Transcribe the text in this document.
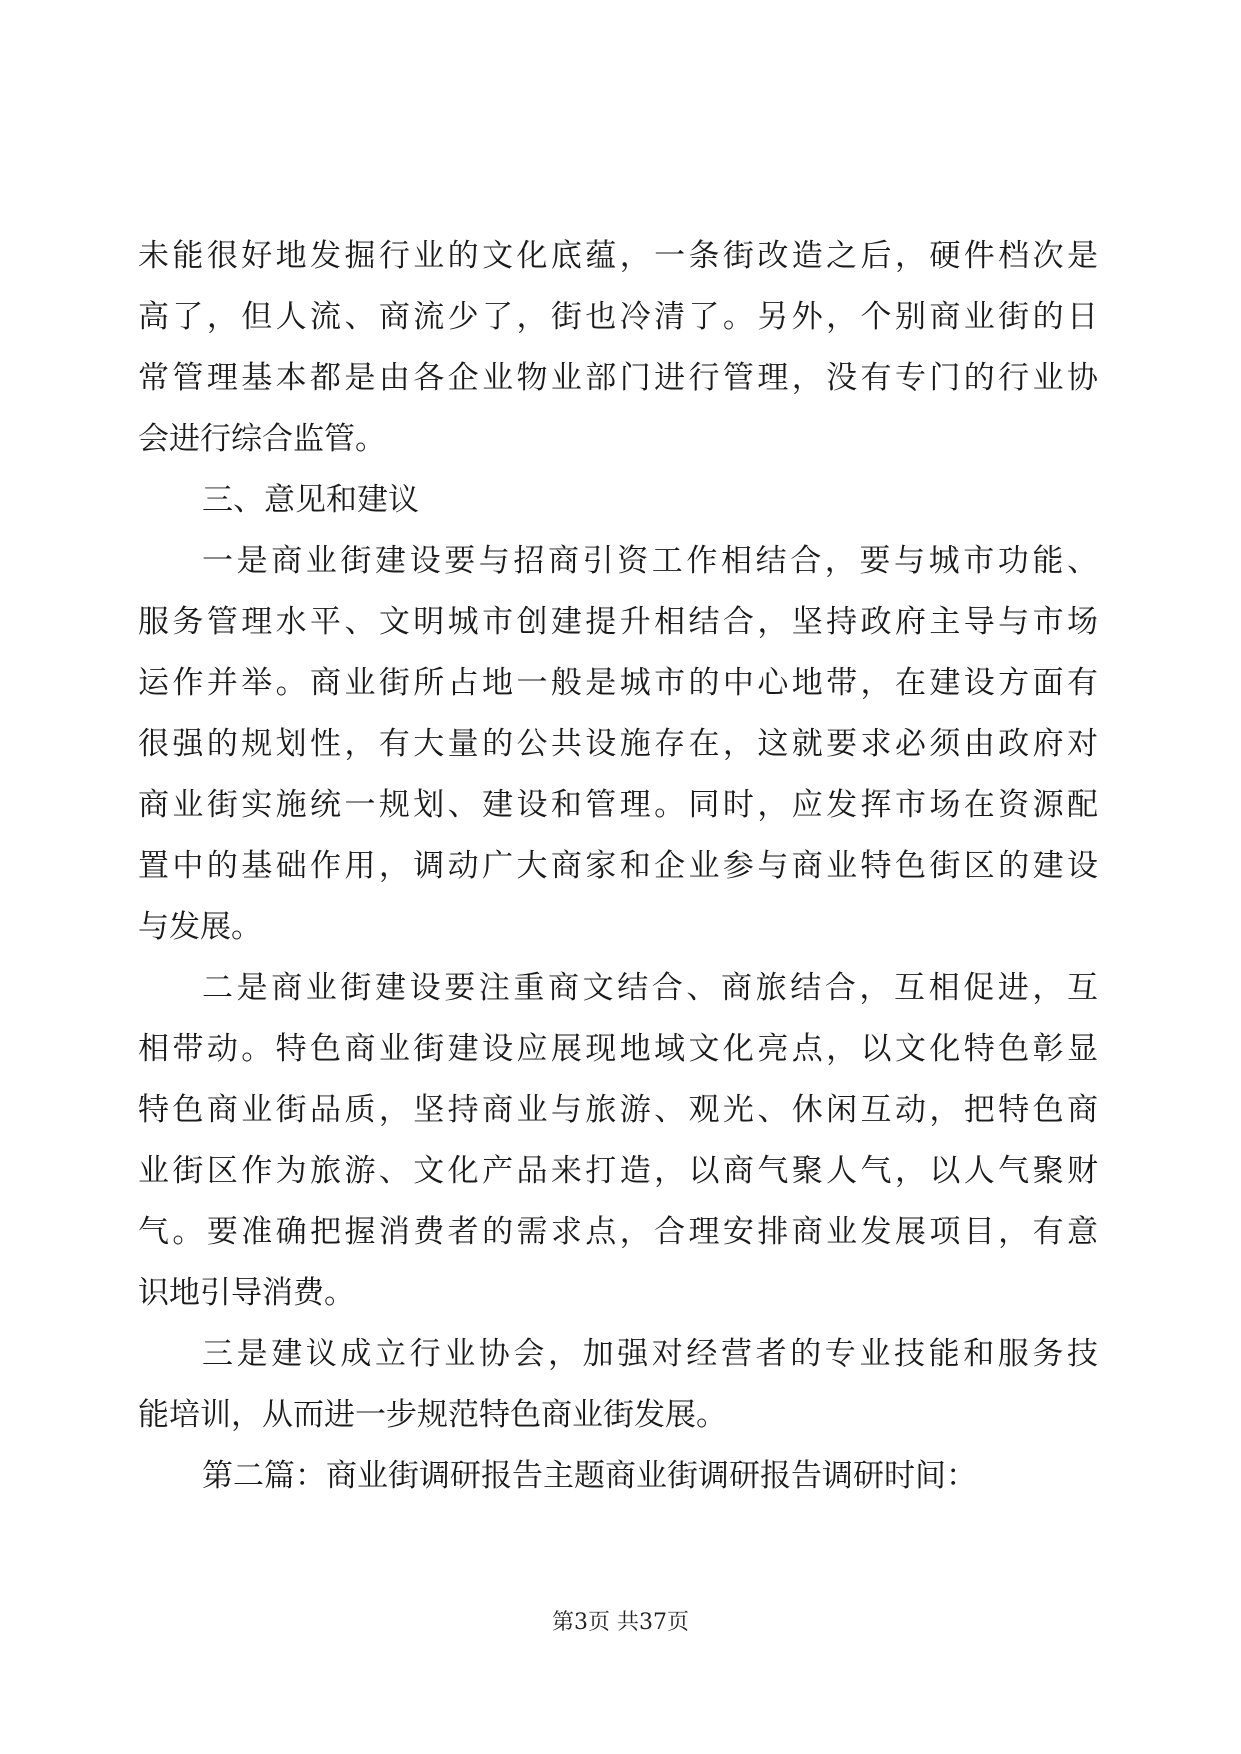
未能很好地发掘行业的文化底蕴，一条街改造之后，硬件档次是
高了，但人流、商流少了，街也冷清了。另外，个别商业街的日
常管理基本都是由各企业物业部门进行管理，没有专门的行业协
会进行综合监管。
三、意见和建议
一是商业街建设要与招商引资工作相结合，要与城市功能、
服务管理水平、文明城市创建提升相结合，坚持政府主导与市场
运作并举。商业街所占地一般是城市的中心地带，在建设方面有
很强的规划性，有大量的公共设施存在，这就要求必须由政府对
商业街实施统一规划、建设和管理。同时，应发挥市场在资源配
置中的基础作用，调动广大商家和企业参与商业特色街区的建设
与发展。
二是商业街建设要注重商文结合、商旅结合，互相促进，互
相带动。特色商业街建设应展现地域文化亮点，以文化特色彰显
特色商业街品质，坚持商业与旅游、观光、休闲互动，把特色商
业街区作为旅游、文化产品来打造，以商气聚人气，以人气聚财
气。要准确把握消费者的需求点，合理安排商业发展项目，有意
识地引导消费。
三是建议成立行业协会，加强对经营者的专业技能和服务技
能培训，从而进一步规范特色商业街发展。
第二篇：商业街调研报告主题商业街调研报告调研时间：
第3页 共37页
